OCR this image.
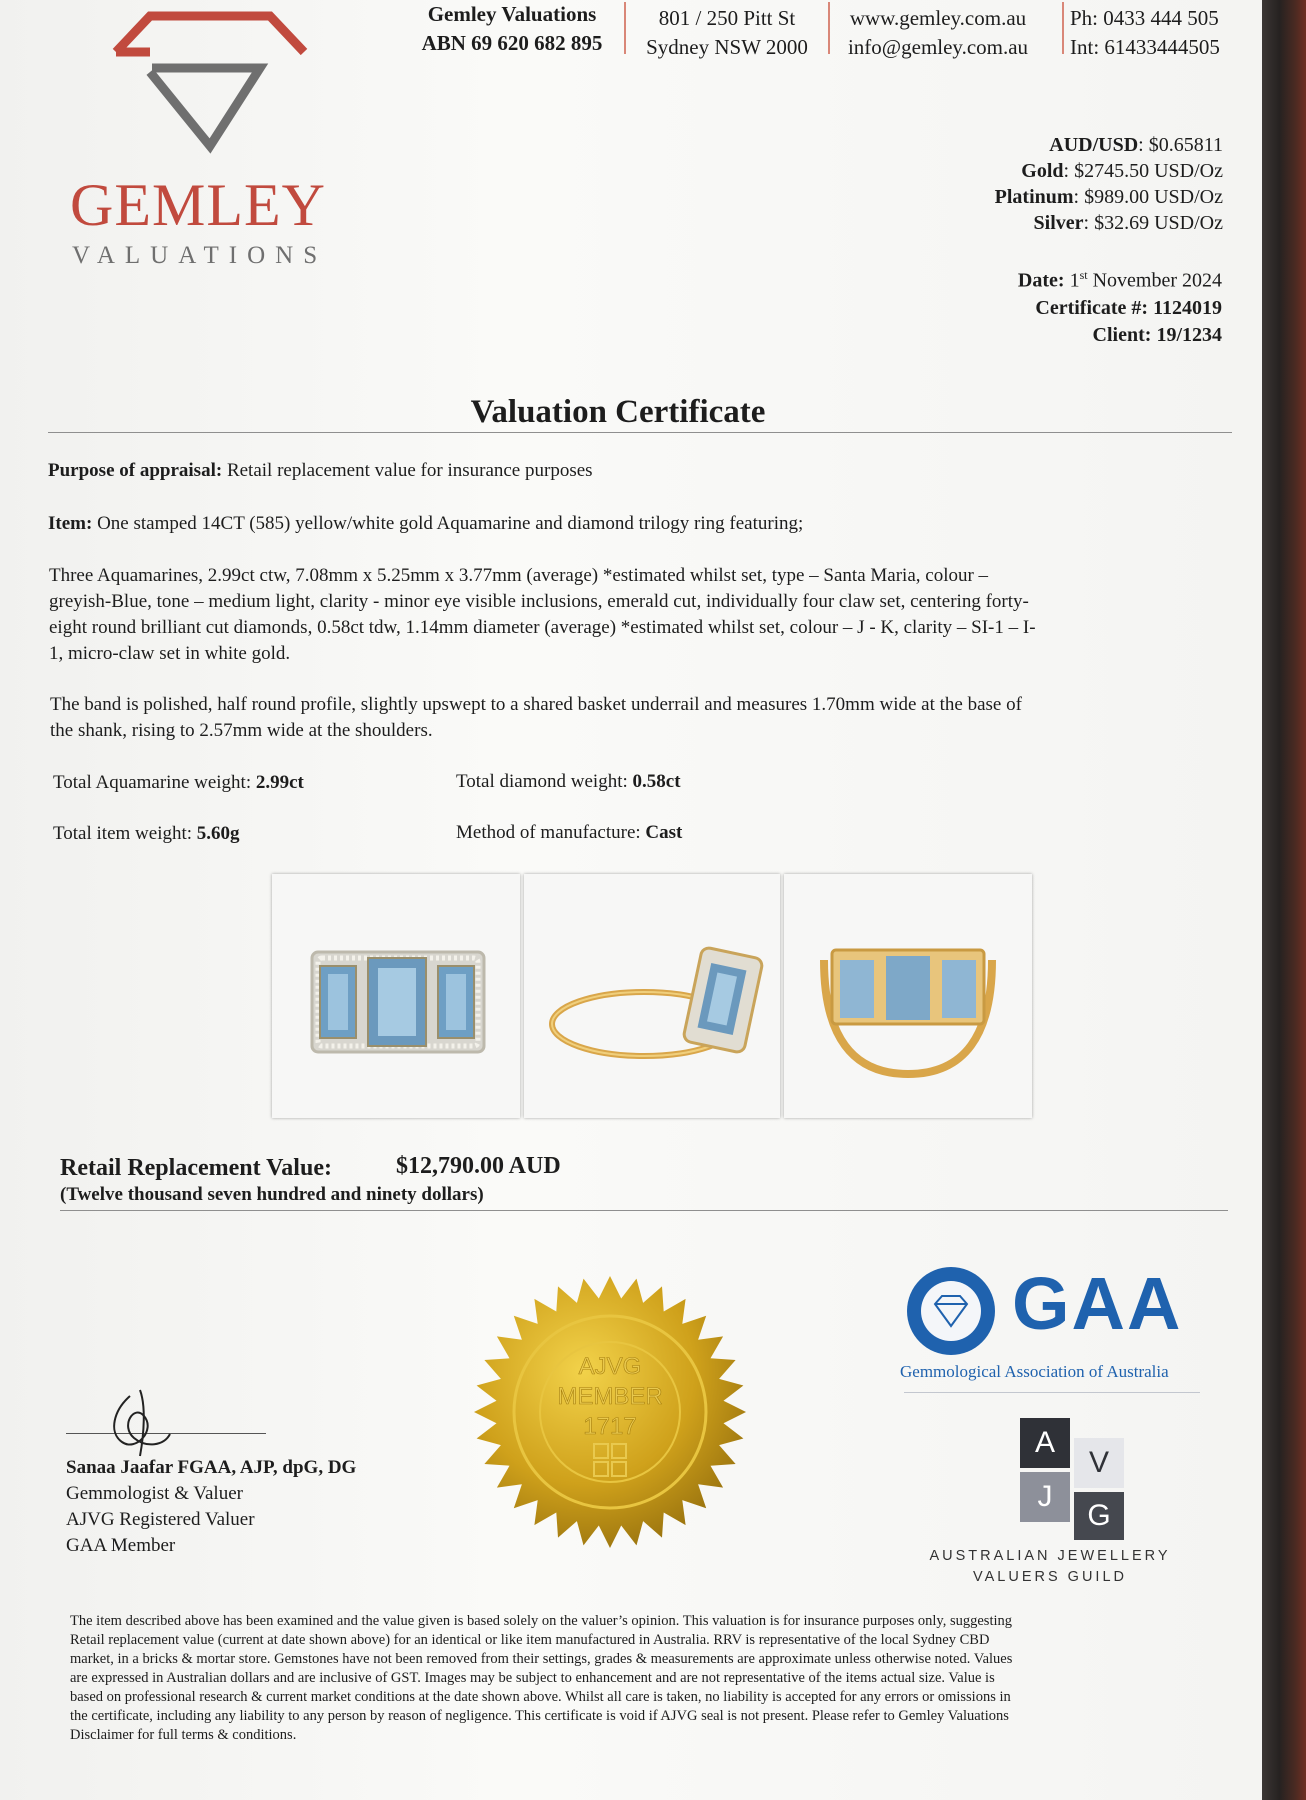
GEMLEY
VALUATIONS
Gemley Valuations
ABN 69 620 682 895
801 / 250 Pitt St
Sydney NSW 2000
www.gemley.com.au
info@gemley.com.au
Ph: 0433 444 505
Int: 61433444505
AUD/USD: $0.65811
Gold: $2745.50 USD/Oz
Platinum: $989.00 USD/Oz
Silver: $32.69 USD/Oz
Date: 1st November 2024
Certificate #: 1124019
Client: 19/1234
Valuation Certificate
Purpose of appraisal: Retail replacement value for insurance purposes
Item: One stamped 14CT (585) yellow/white gold Aquamarine and diamond trilogy ring featuring;
Three Aquamarines, 2.99ct ctw, 7.08mm x 5.25mm x 3.77mm (average) *estimated whilst set, type – Santa Maria, colour –
greyish-Blue, tone – medium light, clarity - minor eye visible inclusions, emerald cut, individually four claw set, centering forty-
eight round brilliant cut diamonds, 0.58ct tdw, 1.14mm diameter (average) *estimated whilst set, colour – J - K, clarity – SI-1 – I-
1, micro-claw set in white gold.
The band is polished, half round profile, slightly upswept to a shared basket underrail and measures 1.70mm wide at the base of
the shank, rising to 2.57mm wide at the shoulders.
Total Aquamarine weight: 2.99ct	Total diamond weight: 0.58ct
Total item weight: 5.60g	Method of manufacture: Cast
Retail Replacement Value:	$12,790.00 AUD
(Twelve thousand seven hundred and ninety dollars)
AJVG
MEMBER
1717
Sanaa Jaafar FGAA, AJP, dpG, DG
Gemmologist & Valuer
AJVG Registered Valuer
GAA Member
GAA
Gemmological Association of Australia
A
V
J
G
AUSTRALIAN JEWELLERY
VALUERS GUILD
The item described above has been examined and the value given is based solely on the valuer’s opinion. This valuation is for insurance purposes only, suggesting
Retail replacement value (current at date shown above) for an identical or like item manufactured in Australia. RRV is representative of the local Sydney CBD
market, in a bricks & mortar store. Gemstones have not been removed from their settings, grades & measurements are approximate unless otherwise noted. Values
are expressed in Australian dollars and are inclusive of GST. Images may be subject to enhancement and are not representative of the items actual size. Value is
based on professional research & current market conditions at the date shown above. Whilst all care is taken, no liability is accepted for any errors or omissions in
the certificate, including any liability to any person by reason of negligence. This certificate is void if AJVG seal is not present. Please refer to Gemley Valuations
Disclaimer for full terms & conditions.
